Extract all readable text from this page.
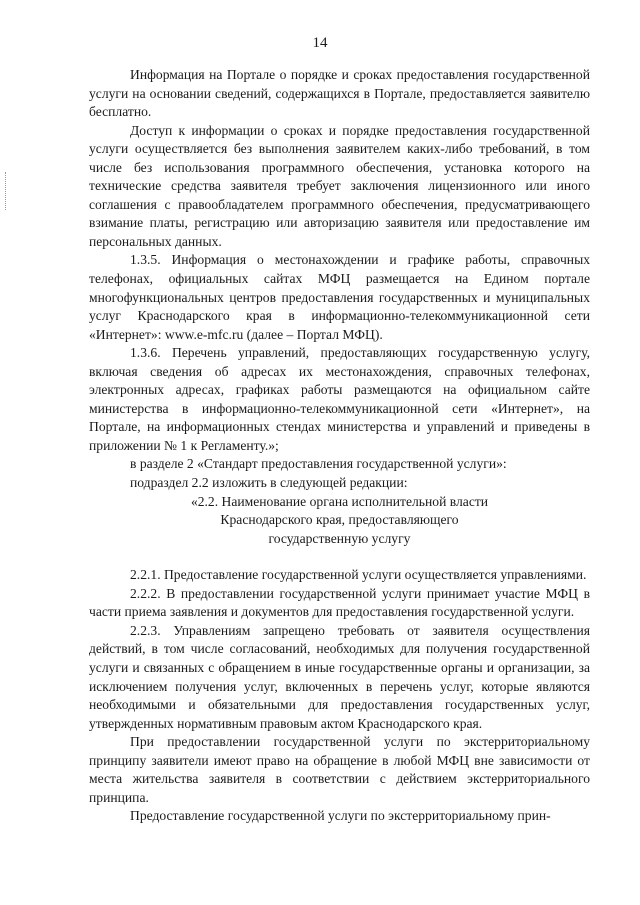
14

Информация на Портале о порядке и сроках предоставления государственной услуги на основании сведений, содержащихся в Портале, предоставляется заявителю бесплатно.

Доступ к информации о сроках и порядке предоставления государственной услуги осуществляется без выполнения заявителем каких-либо требований, в том числе без использования программного обеспечения, установка которого на технические средства заявителя требует заключения лицензионного или иного соглашения с правообладателем программного обеспечения, предусматривающего взимание платы, регистрацию или авторизацию заявителя или предоставление им персональных данных.

1.3.5. Информация о местонахождении и графике работы, справочных телефонах, официальных сайтах МФЦ размещается на Едином портале многофункциональных центров предоставления государственных и муниципальных услуг Краснодарского края в информационно-телекоммуникационной сети «Интернет»: www.e-mfc.ru (далее – Портал МФЦ).

1.3.6. Перечень управлений, предоставляющих государственную услугу, включая сведения об адресах их местонахождения, справочных телефонах, электронных адресах, графиках работы размещаются на официальном сайте министерства в информационно-телекоммуникационной сети «Интернет», на Портале, на информационных стендах министерства и управлений и приведены в приложении № 1 к Регламенту.»;

в разделе 2 «Стандарт предоставления государственной услуги»:

подраздел 2.2 изложить в следующей редакции:

«2.2. Наименование органа исполнительной власти
Краснодарского края, предоставляющего
государственную услугу

2.2.1. Предоставление государственной услуги осуществляется управлениями.

2.2.2. В предоставлении государственной услуги принимает участие МФЦ в части приема заявления и документов для предоставления государственной услуги.

2.2.3. Управлениям запрещено требовать от заявителя осуществления действий, в том числе согласований, необходимых для получения государственной услуги и связанных с обращением в иные государственные органы и организации, за исключением получения услуг, включенных в перечень услуг, которые являются необходимыми и обязательными для предоставления государственных услуг, утвержденных нормативным правовым актом Краснодарского края.

При предоставлении государственной услуги по экстерриториальному принципу заявители имеют право на обращение в любой МФЦ вне зависимости от места жительства заявителя в соответствии с действием экстерриториального принципа.

Предоставление государственной услуги по экстерриториальному прин-
